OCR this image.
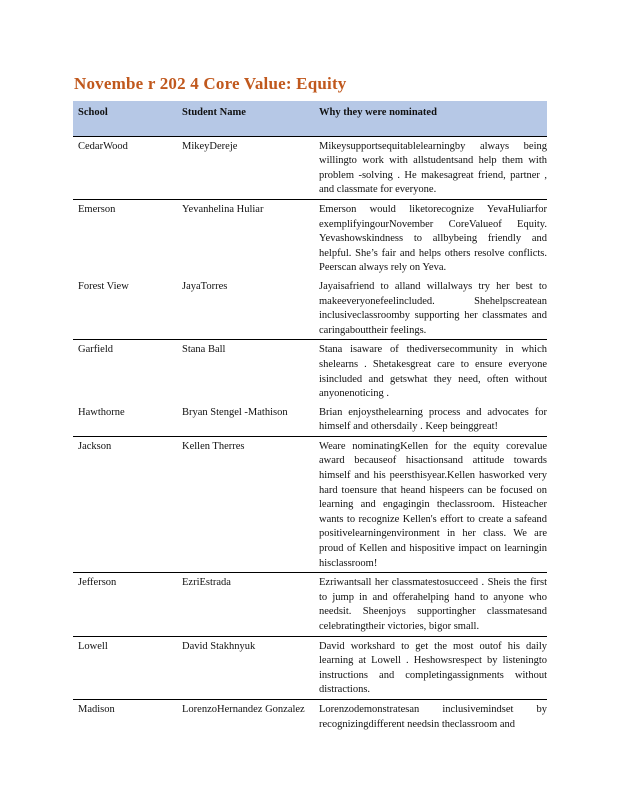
Novembe r 202 4 Core Value: Equity
School	Student Name	Why they were nominated
CedarWood	MikeyDereje	Mikeysupportsequitablelearningby always being willingto work with allstudentsand help them with problem -solving . He makesagreat friend, partner , and classmate for everyone.
Emerson	Yevanhelina Huliar	Emerson would liketorecognize YevaHuliarfor exemplifyingourNovember CoreValueof Equity. Yevashowskindness to allbybeing friendly and helpful. She’s fair and helps others resolve conflicts. Peerscan always rely on Yeva.
Forest View	JayaTorres	Jayaisafriend to alland willalways try her best to makeeveryonefeelincluded. Shehelpscreatean inclusiveclassroomby supporting her classmates and caringabouttheir feelings.
Garfield	Stana Ball	Stana isaware of thediversecommunity in which shelearns . Shetakesgreat care to ensure everyone isincluded and getswhat they need, often without anyonenoticing .
Hawthorne	Bryan Stengel -Mathison	Brian enjoysthelearning process and advocates for himself and othersdaily . Keep beinggreat!
Jackson	Kellen Therres	Weare nominatingKellen for the equity corevalue award becauseof hisactionsand attitude towards himself and his peersthisyear.Kellen hasworked very hard toensure that heand hispeers can be focused on learning and engagingin theclassroom. Histeacher wants to recognize Kellen's effort to create a safeand positivelearningenvironment in her class. We are proud of Kellen and hispositive impact on learningin hisclassroom!
Jefferson	EzriEstrada	Ezriwantsall her classmatestosucceed . Sheis the first to jump in and offerahelping hand to anyone who needsit. Sheenjoys supportingher classmatesand celebratingtheir victories, bigor small.
Lowell	David Stakhnyuk	David workshard to get the most outof his daily learning at Lowell . Heshowsrespect by listeningto instructions and completingassignments without distractions.
Madison	LorenzoHernandez Gonzalez	Lorenzodemonstratesan inclusivemindset by recognizingdifferent needsin theclassroom and
